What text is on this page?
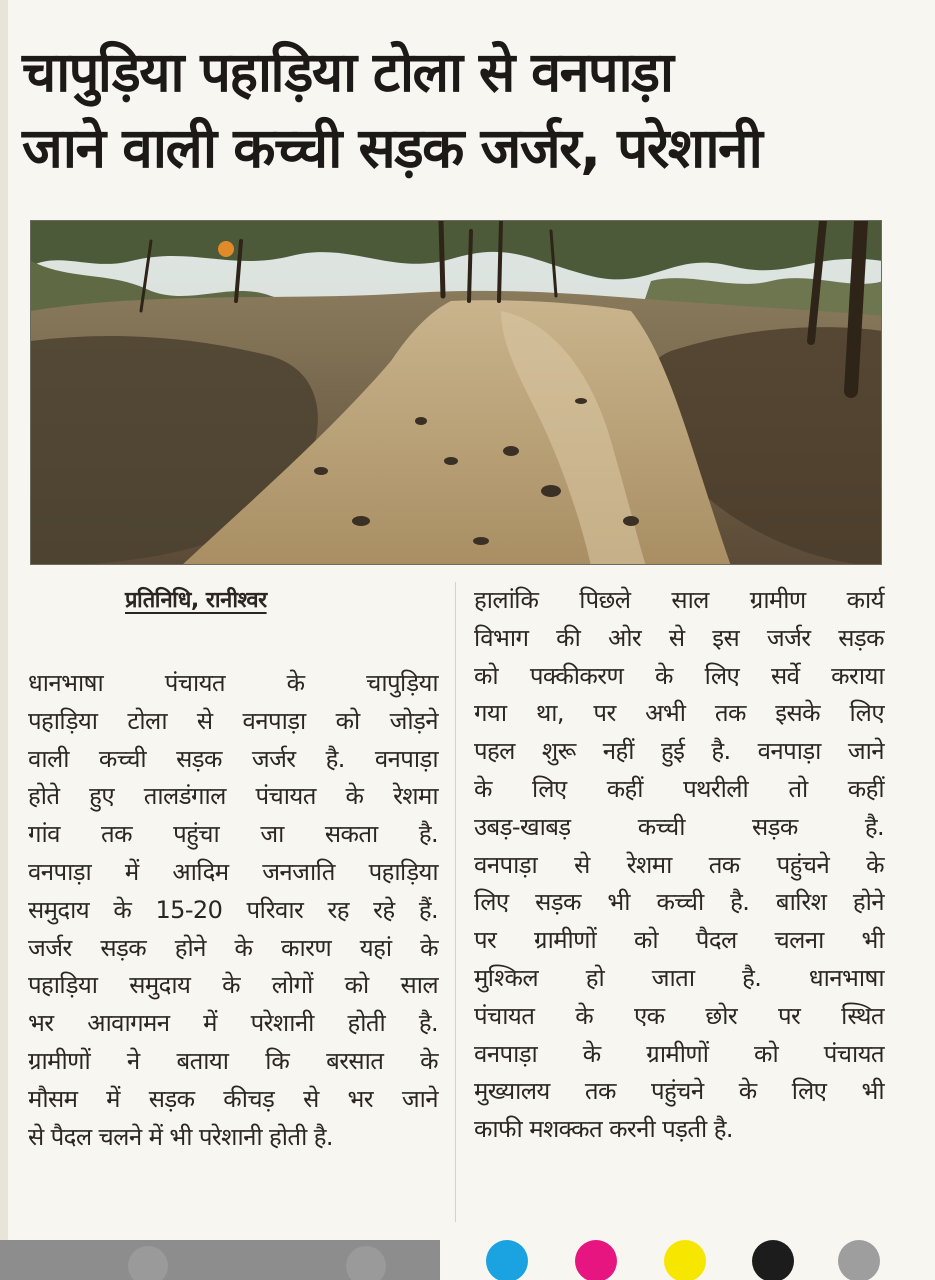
चापुड़िया पहाड़िया टोला से वनपाड़ा
जाने वाली कच्ची सड़क जर्जर, परेशानी
प्रतिनिधि, रानीश्वर

धानभाषा पंचायत के चापुड़िया

पहाड़िया टोला से वनपाड़ा को जोड़ने

वाली कच्ची सड़क जर्जर है. वनपाड़ा

होते हुए तालडंगाल पंचायत के रेशमा

गांव तक पहुंचा जा सकता है.

वनपाड़ा में आदिम जनजाति पहाड़िया

समुदाय के 15-20 परिवार रह रहे हैं.

जर्जर सड़क होने के कारण यहां के

पहाड़िया समुदाय के लोगों को साल

भर आवागमन में परेशानी होती है.

ग्रामीणों ने बताया कि बरसात के

मौसम में सड़क कीचड़ से भर जाने

से पैदल चलने में भी परेशानी होती है.

हालांकि पिछले साल ग्रामीण कार्य

विभाग की ओर से इस जर्जर सड़क

को पक्कीकरण के लिए सर्वे कराया

गया था, पर अभी तक इसके लिए

पहल शुरू नहीं हुई है. वनपाड़ा जाने

के लिए कहीं पथरीली तो कहीं

उबड़-खाबड़ कच्ची सड़क है.

वनपाड़ा से रेशमा तक पहुंचने के

लिए सड़क भी कच्ची है. बारिश होने

पर ग्रामीणों को पैदल चलना भी

मुश्किल हो जाता है. धानभाषा

पंचायत के एक छोर पर स्थित

वनपाड़ा के ग्रामीणों को पंचायत

मुख्यालय तक पहुंचने के लिए भी

काफी मशक्कत करनी पड़ती है.
